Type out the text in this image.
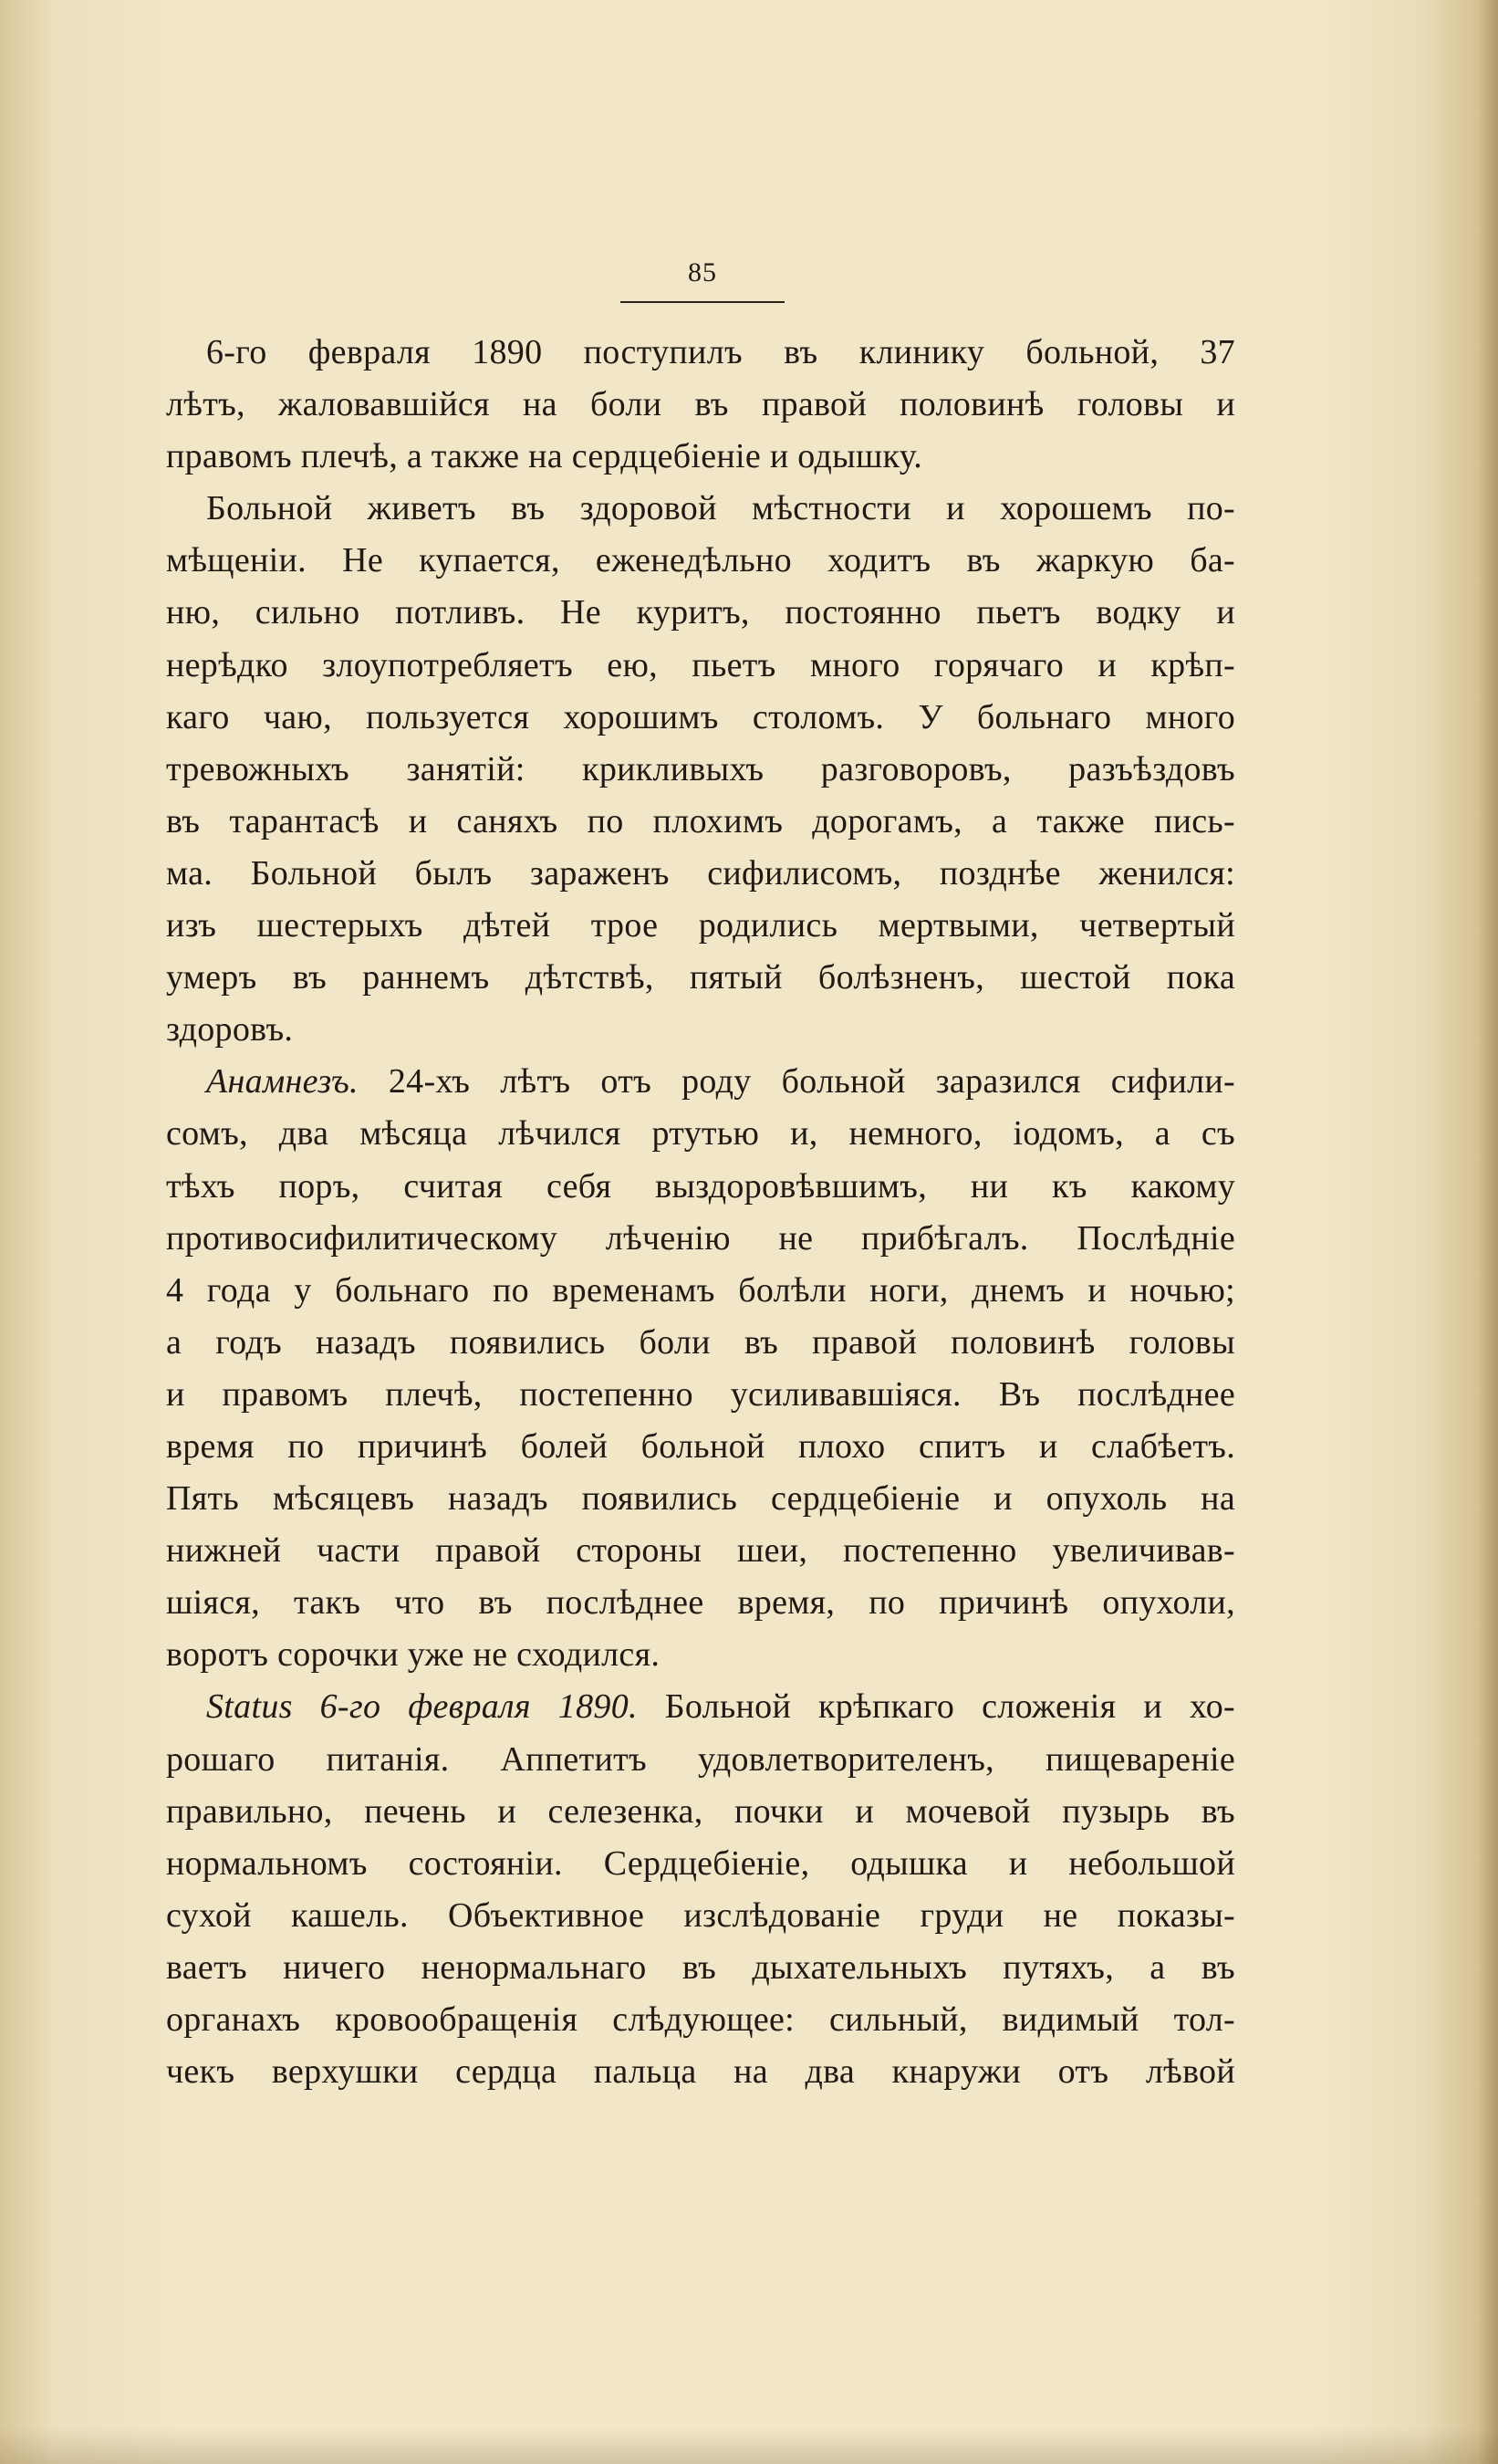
85
6-го февраля 1890 поступилъ въ клинику больной, 37
лѣтъ, жаловавшійся на боли въ правой половинѣ головы и
правомъ плечѣ, а также на сердцебіеніе и одышку.
Больной живетъ въ здоровой мѣстности и хорошемъ по-
мѣщеніи. Не купается, еженедѣльно ходитъ въ жаркую ба-
ню, сильно потливъ. Не куритъ, постоянно пьетъ водку и
нерѣдко злоупотребляетъ ею, пьетъ много горячаго и крѣп-
каго чаю, пользуется хорошимъ столомъ. У больнаго много
тревожныхъ занятій: крикливыхъ разговоровъ, разъѣздовъ
въ тарантасѣ и саняхъ по плохимъ дорогамъ, а также пись-
ма. Больной былъ зараженъ сифилисомъ, позднѣе женился:
изъ шестерыхъ дѣтей трое родились мертвыми, четвертый
умеръ въ раннемъ дѣтствѣ, пятый болѣзненъ, шестой пока
здоровъ.
Анамнезъ. 24-хъ лѣтъ отъ роду больной заразился сифили-
сомъ, два мѣсяца лѣчился ртутью и, немного, іодомъ, а съ
тѣхъ поръ, считая себя выздоровѣвшимъ, ни къ какому
противосифилитическому лѣченію не прибѣгалъ. Послѣдніе
4 года у больнаго по временамъ болѣли ноги, днемъ и ночью;
а годъ назадъ появились боли въ правой половинѣ головы
и правомъ плечѣ, постепенно усиливавшіяся. Въ послѣднее
время по причинѣ болей больной плохо спитъ и слабѣетъ.
Пять мѣсяцевъ назадъ появились сердцебіеніе и опухоль на
нижней части правой стороны шеи, постепенно увеличивав-
шіяся, такъ что въ послѣднее время, по причинѣ опухоли,
воротъ сорочки уже не сходился.
Status 6-го февраля 1890. Больной крѣпкаго сложенія и хо-
рошаго питанія. Аппетитъ удовлетворителенъ, пищевареніе
правильно, печень и селезенка, почки и мочевой пузырь въ
нормальномъ состояніи. Сердцебіеніе, одышка и небольшой
сухой кашель. Объективное изслѣдованіе груди не показы-
ваетъ ничего ненормальнаго въ дыхательныхъ путяхъ, а въ
органахъ кровообращенія слѣдующее: сильный, видимый тол-
чекъ верхушки сердца пальца на два кнаружи отъ лѣвой
